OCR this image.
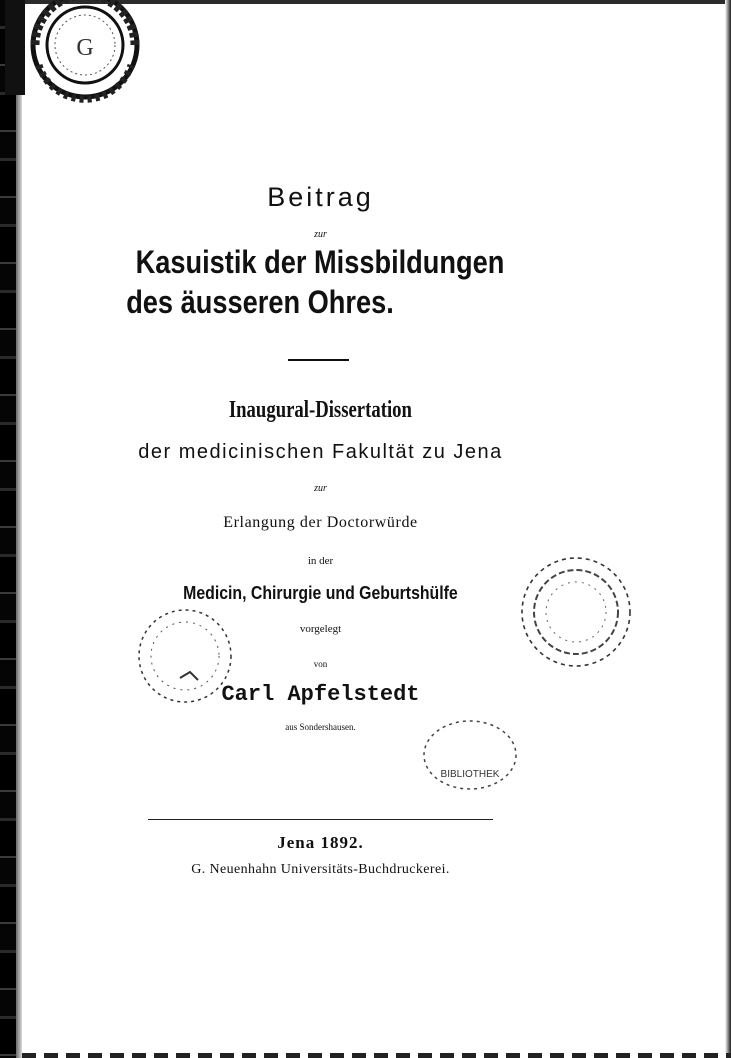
G
BIBLIOTHEK
Beitrag
zur
Kasuistik der Missbildungen
des äusseren Ohres.
Inaugural-Dissertation
der medicinischen Fakultät zu Jena
zur
Erlangung der Doctorwürde
in der
Medicin, Chirurgie und Geburtshülfe
vorgelegt
von
Carl Apfelstedt
aus Sondershausen.
Jena 1892.
G. Neuenhahn Universitäts-Buchdruckerei.
